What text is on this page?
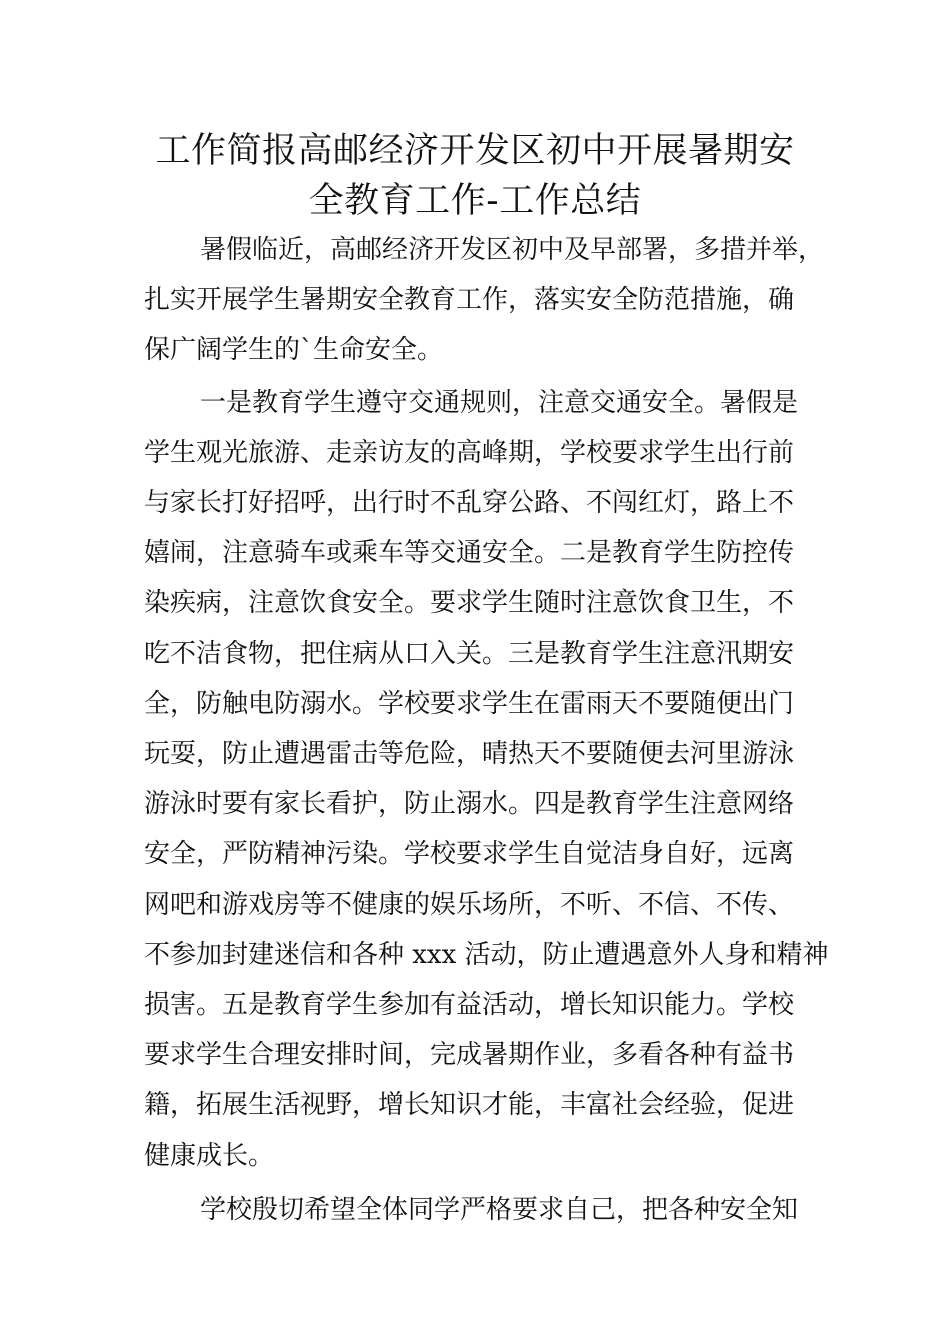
工作简报高邮经济开发区初中开展暑期安
全教育工作-工作总结

暑假临近，高邮经济开发区初中及早部署，多措并举，
扎实开展学生暑期安全教育工作，落实安全防范措施，确
保广阔学生的`生命安全。

一是教育学生遵守交通规则，注意交通安全。暑假是
学生观光旅游、走亲访友的高峰期，学校要求学生出行前
与家长打好招呼，出行时不乱穿公路、不闯红灯，路上不
嬉闹，注意骑车或乘车等交通安全。二是教育学生防控传
染疾病，注意饮食安全。要求学生随时注意饮食卫生，不
吃不洁食物，把住病从口入关。三是教育学生注意汛期安
全，防触电防溺水。学校要求学生在雷雨天不要随便出门
玩耍，防止遭遇雷击等危险，晴热天不要随便去河里游泳
游泳时要有家长看护，防止溺水。四是教育学生注意网络
安全，严防精神污染。学校要求学生自觉洁身自好，远离
网吧和游戏房等不健康的娱乐场所，不听、不信、不传、
不参加封建迷信和各种 xxx 活动，防止遭遇意外人身和精神
损害。五是教育学生参加有益活动，增长知识能力。学校
要求学生合理安排时间，完成暑期作业，多看各种有益书
籍，拓展生活视野，增长知识才能，丰富社会经验，促进
健康成长。

学校殷切希望全体同学严格要求自己，把各种安全知
